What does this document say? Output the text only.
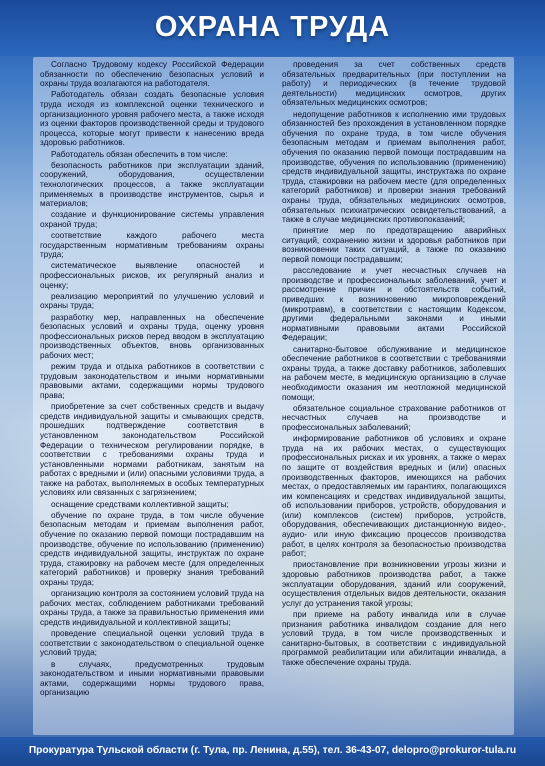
ОХРАНА ТРУДА

Согласно Трудовому кодексу Российской Федерации обязанности по обеспечению безопасных условий и охраны труда возлагаются на работодателя.

Работодатель обязан создать безопасные условия труда исходя из комплексной оценки технического и организационного уровня рабочего места, а также исходя из оценки факторов производственной среды и трудового процесса, которые могут привести к нанесению вреда здоровью работников.

Работодатель обязан обеспечить в том числе:

безопасность работников при эксплуатации зданий, сооружений, оборудования, осуществлении технологических процессов, а также эксплуатации применяемых в производстве инструментов, сырья и материалов;

создание и функционирование системы управления охраной труда;

соответствие каждого рабочего места государственным нормативным требованиям охраны труда;

систематическое выявление опасностей и профессиональных рисков, их регулярный анализ и оценку;

реализацию мероприятий по улучшению условий и охраны труда;

разработку мер, направленных на обеспечение безопасных условий и охраны труда, оценку уровня профессиональных рисков перед вводом в эксплуатацию производственных объектов, вновь организованных рабочих мест;

режим труда и отдыха работников в соответствии с трудовым законодательством и иными нормативными правовыми актами, содержащими нормы трудового права;

приобретение за счет собственных средств и выдачу средств индивидуальной защиты и смывающих средств, прошедших подтверждение соответствия в установленном законодательством Российской Федерации о техническом регулировании порядке, в соответствии с требованиями охраны труда и установленными нормами работникам, занятым на работах с вредными и (или) опасными условиями труда, а также на работах, выполняемых в особых температурных условиях или связанных с загрязнением;

оснащение средствами коллективной защиты;

обучение по охране труда, в том числе обучение безопасным методам и приемам выполнения работ, обучение по оказанию первой помощи пострадавшим на производстве, обучение по использованию (применению) средств индивидуальной защиты, инструктаж по охране труда, стажировку на рабочем месте (для определенных категорий работников) и проверку знания требований охраны труда;

организацию контроля за состоянием условий труда на рабочих местах, соблюдением работниками требований охраны труда, а также за правильностью применения ими средств индивидуальной и коллективной защиты;

проведение специальной оценки условий труда в соответствии с законодательством о специальной оценке условий труда;

в случаях, предусмотренных трудовым законодательством и иными нормативными правовыми актами, содержащими нормы трудового права, организацию

проведения за счет собственных средств обязательных предварительных (при поступлении на работу) и периодических (в течение трудовой деятельности) медицинских осмотров, других обязательных медицинских осмотров;

недопущение работников к исполнению ими трудовых обязанностей без прохождения в установленном порядке обучения по охране труда, в том числе обучения безопасным методам и приемам выполнения работ, обучения по оказанию первой помощи пострадавшим на производстве, обучения по использованию (применению) средств индивидуальной защиты, инструктажа по охране труда, стажировки на рабочем месте (для определенных категорий работников) и проверки знания требований охраны труда, обязательных медицинских осмотров, обязательных психиатрических освидетельствований, а также в случае медицинских противопоказаний;

принятие мер по предотвращению аварийных ситуаций, сохранению жизни и здоровья работников при возникновении таких ситуаций, а также по оказанию первой помощи пострадавшим;

расследование и учет несчастных случаев на производстве и профессиональных заболеваний, учет и рассмотрение причин и обстоятельств событий, приведших к возникновению микроповреждений (микротравм), в соответствии с настоящим Кодексом, другими федеральными законами и иными нормативными правовыми актами Российской Федерации;

санитарно-бытовое обслуживание и медицинское обеспечение работников в соответствии с требованиями охраны труда, а также доставку работников, заболевших на рабочем месте, в медицинскую организацию в случае необходимости оказания им неотложной медицинской помощи;

обязательное социальное страхование работников от несчастных случаев на производстве и профессиональных заболеваний;

информирование работников об условиях и охране труда на их рабочих местах, о существующих профессиональных рисках и их уровнях, а также о мерах по защите от воздействия вредных и (или) опасных производственных факторов, имеющихся на рабочих местах, о предоставляемых им гарантиях, полагающихся им компенсациях и средствах индивидуальной защиты, об использовании приборов, устройств, оборудования и (или) комплексов (систем) приборов, устройств, оборудования, обеспечивающих дистанционную видео-, аудио- или иную фиксацию процессов производства работ, в целях контроля за безопасностью производства работ;

приостановление при возникновении угрозы жизни и здоровью работников производства работ, а также эксплуатации оборудования, зданий или сооружений, осуществления отдельных видов деятельности, оказания услуг до устранения такой угрозы;

при приеме на работу инвалида или в случае признания работника инвалидом создание для него условий труда, в том числе производственных и санитарно-бытовых, в соответствии с индивидуальной программой реабилитации или абилитации инвалида, а также обеспечение охраны труда.

Прокуратура Тульской области (г. Тула, пр. Ленина, д.55), тел. 36-43-07, delopro@prokuror-tula.ru
